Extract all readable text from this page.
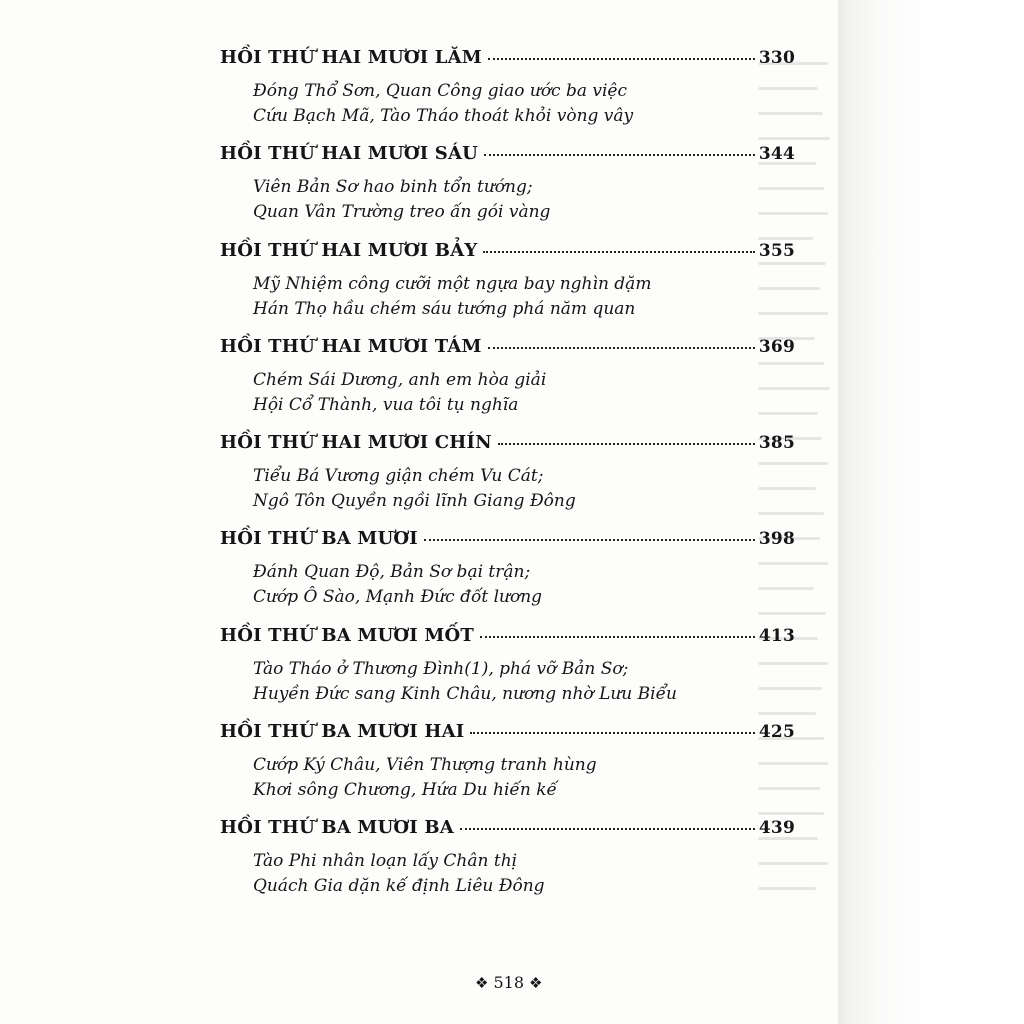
HỒI THỨ HAI MƯƠI LĂM	330
Đóng Thổ Sơn, Quan Công giao ước ba việc
Cứu Bạch Mã, Tào Tháo thoát khỏi vòng vây
HỒI THỨ HAI MƯƠI SÁU	344
Viên Bản Sơ hao binh tổn tướng;
Quan Vân Trường treo ấn gói vàng
HỒI THỨ HAI MƯƠI BẢY	355
Mỹ Nhiệm công cưỡi một ngựa bay nghìn dặm
Hán Thọ hầu chém sáu tướng phá năm quan
HỒI THỨ HAI MƯƠI TÁM	369
Chém Sái Dương, anh em hòa giải
Hội Cổ Thành, vua tôi tụ nghĩa
HỒI THỨ HAI MƯƠI CHÍN	385
Tiểu Bá Vương giận chém Vu Cát;
Ngô Tôn Quyền ngồi lĩnh Giang Đông
HỒI THỨ BA MƯƠI	398
Đánh Quan Độ, Bản Sơ bại trận;
Cướp Ô Sào, Mạnh Đức đốt lương
HỒI THỨ BA MƯƠI MỐT	413
Tào Tháo ở Thương Đình(1), phá vỡ Bản Sơ;
Huyền Đức sang Kinh Châu, nương nhờ Lưu Biểu
HỒI THỨ BA MƯƠI HAI	425
Cướp Ký Châu, Viên Thượng tranh hùng
Khơi sông Chương, Hứa Du hiến kế
HỒI THỨ BA MƯƠI BA	439
Tào Phi nhân loạn lấy Chân thị
Quách Gia dặn kế định Liêu Đông
❖ 518 ❖
